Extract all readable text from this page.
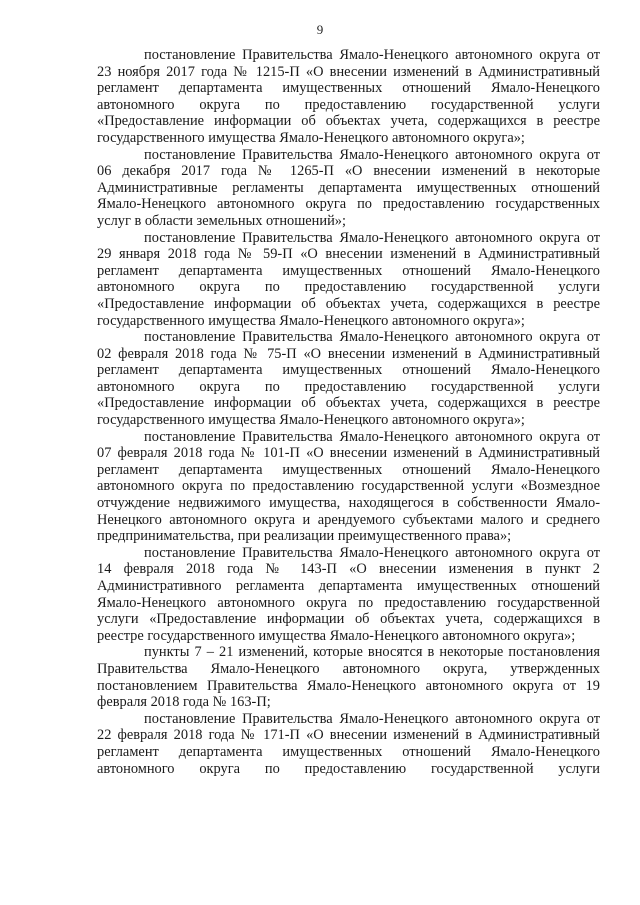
9

постановление Правительства Ямало-Ненецкого автономного округа от 23 ноября 2017 года № 1215-П «О внесении изменений в Административный регламент департамента имущественных отношений Ямало-Ненецкого автономного округа по предоставлению государственной услуги «Предоставление информации об объектах учета, содержащихся в реестре государственного имущества Ямало-Ненецкого автономного округа»;

постановление Правительства Ямало-Ненецкого автономного округа от 06 декабря 2017 года № 1265-П «О внесении изменений в некоторые Административные регламенты департамента имущественных отношений Ямало-Ненецкого автономного округа по предоставлению государственных услуг в области земельных отношений»;

постановление Правительства Ямало-Ненецкого автономного округа от 29 января 2018 года № 59-П «О внесении изменений в Административный регламент департамента имущественных отношений Ямало-Ненецкого автономного округа по предоставлению государственной услуги «Предоставление информации об объектах учета, содержащихся в реестре государственного имущества Ямало-Ненецкого автономного округа»;

постановление Правительства Ямало-Ненецкого автономного округа от 02 февраля 2018 года № 75-П «О внесении изменений в Административный регламент департамента имущественных отношений Ямало-Ненецкого автономного округа по предоставлению государственной услуги «Предоставление информации об объектах учета, содержащихся в реестре государственного имущества Ямало-Ненецкого автономного округа»;

постановление Правительства Ямало-Ненецкого автономного округа от 07 февраля 2018 года № 101-П «О внесении изменений в Административный регламент департамента имущественных отношений Ямало-Ненецкого автономного округа по предоставлению государственной услуги «Возмездное отчуждение недвижимого имущества, находящегося в собственности Ямало-Ненецкого автономного округа и арендуемого субъектами малого и среднего предпринимательства, при реализации преимущественного права»;

постановление Правительства Ямало-Ненецкого автономного округа от 14 февраля 2018 года № 143-П «О внесении изменения в пункт 2 Административного регламента департамента имущественных отношений Ямало-Ненецкого автономного округа по предоставлению государственной услуги «Предоставление информации об объектах учета, содержащихся в реестре государственного имущества Ямало-Ненецкого автономного округа»;

пункты 7 – 21 изменений, которые вносятся в некоторые постановления Правительства Ямало-Ненецкого автономного округа, утвержденных постановлением Правительства Ямало-Ненецкого автономного округа от 19 февраля 2018 года № 163-П;

постановление Правительства Ямало-Ненецкого автономного округа от 22 февраля 2018 года № 171-П «О внесении изменений в Административный регламент департамента имущественных отношений Ямало-Ненецкого автономного округа по предоставлению государственной услуги
